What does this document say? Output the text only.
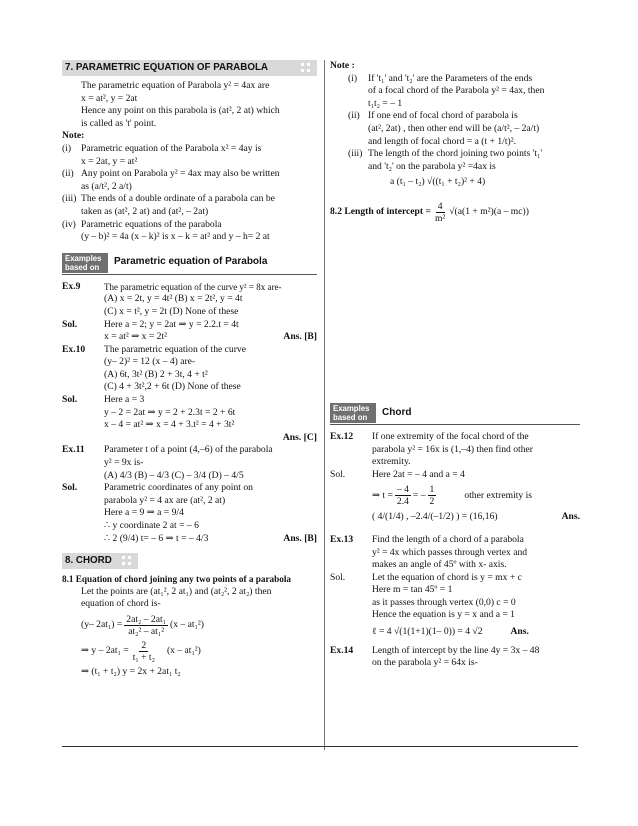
7. PARAMETRIC EQUATION OF PARABOLA
The parametric equation of Parabola y² = 4ax are
x = at², y = 2at
Hence any point on this parabola is (at², 2 at) which
is called as 't' point.
Note:
(i)	Parametric equation of the Parabola x² = 4ay is
x = 2at, y = at²
(ii) Any point on Parabola y² = 4ax may also be written
as (a/t², 2 a/t)
(iii) The ends of a double ordinate of a parabola can be
taken as (at², 2 at) and (at², – 2at)
(iv) Parametric equations of the parabola
(y – b)² = 4a (x – k)² is x – k = at² and y – h= 2 at
Examples based on	Parametric equation of Parabola
Ex.9	The parametric equation of the curve y² = 8x are-
(A) x = 2t, y = 4t² (B) x = 2t², y = 4t
(C) x = t², y = 2t (D) None of these
Sol.	Here a = 2; y = 2at ⇒ y = 2.2.t = 4t
x = at² ⇒ x = 2t²	Ans. [B]
Ex.10	The parametric equation of the curve
(y– 2)² = 12 (x – 4) are-
(A) 6t, 3t² (B) 2 + 3t, 4 + t²
(C) 4 + 3t²,2 + 6t (D) None of these
Sol.	Here a = 3
y – 2 = 2at ⇒ y = 2 + 2.3t = 2 + 6t
x – 4 = at² ⇒ x = 4 + 3.t² = 4 + 3t²
Ans. [C]
Ex.11	Parameter t of a point (4,–6) of the parabola
y² = 9x is-
(A) 4/3 (B) – 4/3 (C) – 3/4 (D) – 4/5
Sol.	Parametric coordinates of any point on
parabola y² = 4 ax are (at², 2 at)
Here a = 9 ⇒ a = 9/4
∴ y coordinate 2 at = – 6
∴ 2 (9/4) t= – 6 ⇒ t = – 4/3	Ans. [B]
8. CHORD
8.1 Equation of chord joining any two points of a parabola
Let the points are (at₁², 2 at₁) and (at₂², 2 at₂) then
equation of chord is-
(y– $2at_1) = \frac{\text{2at₂ – 2at₁}}{\text{at₂² – at₁²}} (x - at_1^2)$
⇒ $y - 2at_1 = \frac{2}{\text{t₁ + t₂}} (x - at_1^2)$
⇒ (t₁ + t₂) y = 2x + 2at₁ t₂
Note :
(i)	If 't₁' and 't₂' are the Parameters of the ends
of a focal chord of the Parabola y² = 4ax, then
t₁t₂ = – 1
(ii) If one end of focal chord of parabola is
(at², 2at) , then other end will be (a/t², – 2a/t)
and length of focal chord = a (t + 1/t)².
(iii) The length of the chord joining two points 't₁'
and 't₂' on the parabola y² =4ax is
a (t₁ – t₂) √((t₁ + t₂)² + 4)
8.2 Length of intercept = $\frac{4}{\text{m²}} √(a(1 + m^2)(a - mc))$
Examples based on	Chord
Ex.12	If one extremity of the focal chord of the
parabola y² = 16x is (1,–4) then find other
extremity.
Sol.	Here 2at = – 4 and a = 4
⇒ $t = \frac{- 4}{2.4}$ = – $\frac{1}{2}$	other extremity is
( 4/(1/4) , –2.4/(–1/2) ) = (16,16)	Ans.
Ex.13	Find the length of a chord of a parabola
y² = 4x which passes through vertex and
makes an angle of 45º with x- axis.
Sol.	Let the equation of chord is y = mx + c
Here m = tan 45º = 1
as it passes through vertex (0,0) c = 0
Hence the equation is y = x and a = 1
ℓ = 4 √(1(1+1)(1– 0)) = 4 √2	Ans.
Ex.14	Length of intercept by the line 4y = 3x – 48
on the parabola y² = 64x is-
